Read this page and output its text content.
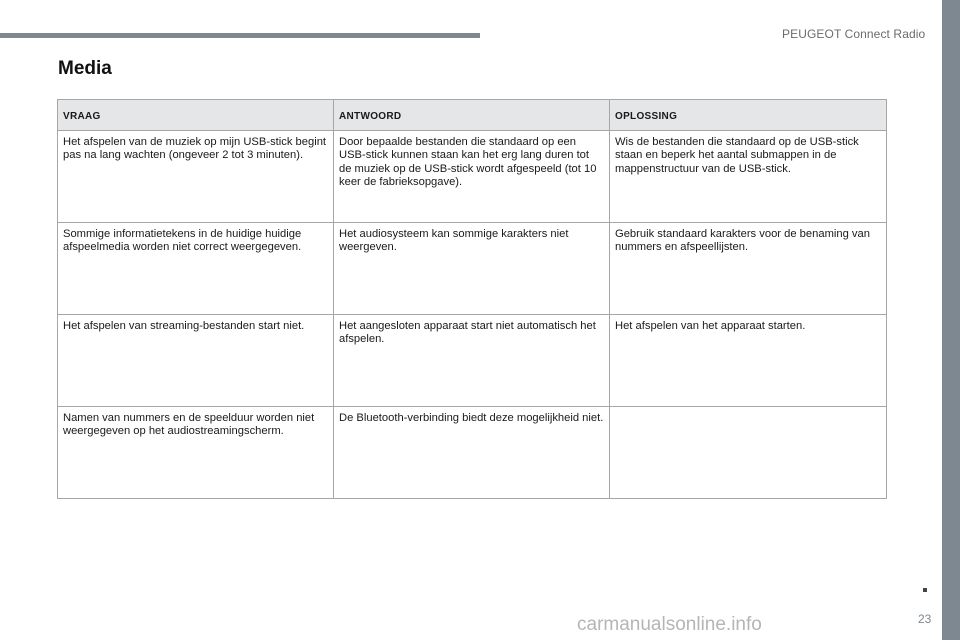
PEUGEOT Connect Radio
Media
VRAAG	ANTWOORD	OPLOSSING
Het afspelen van de muziek op mijn USB-stick begint pas na lang wachten (ongeveer 2 tot 3 minuten).	Door bepaalde bestanden die standaard op een USB-stick kunnen staan kan het erg lang duren tot de muziek op de USB-stick wordt afgespeeld (tot 10 keer de fabrieksopgave).	Wis de bestanden die standaard op de USB-stick staan en beperk het aantal submappen in de mappenstructuur van de USB-stick.
Sommige informatietekens in de huidige huidige afspeelmedia worden niet correct weergegeven.	Het audiosysteem kan sommige karakters niet weergeven.	Gebruik standaard karakters voor de benaming van nummers en afspeellijsten.
Het afspelen van streaming-bestanden start niet.	Het aangesloten apparaat start niet automatisch het afspelen.	Het afspelen van het apparaat starten.
Namen van nummers en de speelduur worden niet weergegeven op het audiostreamingscherm.	De Bluetooth-verbinding biedt deze mogelijkheid niet.	
carmanualsonline.info	23
